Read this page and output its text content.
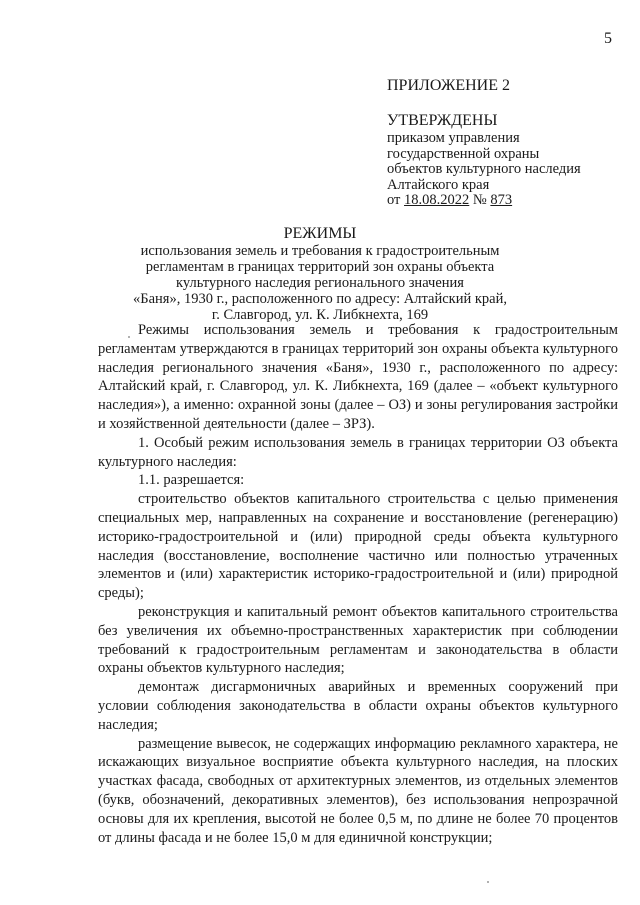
5
ПРИЛОЖЕНИЕ 2
УТВЕРЖДЕНЫ
приказом управления
государственной охраны
объектов культурного наследия
Алтайского края
от 18.08.2022 № 873
РЕЖИМЫ
использования земель и требования к градостроительным
регламентам в границах территорий зон охраны объекта
культурного наследия регионального значения
«Баня», 1930 г., расположенного по адресу: Алтайский край,
г. Славгород, ул. К. Либкнехта, 169

Режимы использования земель и требования к градостроительным регламентам утверждаются в границах территорий зон охраны объекта культурного наследия регионального значения «Баня», 1930 г., расположенного по адресу: Алтайский край, г. Славгород, ул. К. Либкнехта, 169 (далее – «объект культурного наследия»), а именно: охранной зоны (далее – ОЗ) и зоны регулирования застройки и хозяйственной деятельности (далее – ЗРЗ).

1. Особый режим использования земель в границах территории ОЗ объекта культурного наследия:

1.1. разрешается:

строительство объектов капитального строительства с целью применения специальных мер, направленных на сохранение и восстановление (регенерацию) историко-градостроительной и (или) природной среды объекта культурного наследия (восстановление, восполнение частично или полностью утраченных элементов и (или) характеристик историко-градостроительной и (или) природной среды);

реконструкция и капитальный ремонт объектов капитального строительства без увеличения их объемно-пространственных характеристик при соблюдении требований к градостроительным регламентам и законодательства в области охраны объектов культурного наследия;

демонтаж дисгармоничных аварийных и временных сооружений при условии соблюдения законодательства в области охраны объектов культурного наследия;

размещение вывесок, не содержащих информацию рекламного характера, не искажающих визуальное восприятие объекта культурного наследия, на плоских участках фасада, свободных от архитектурных элементов, из отдельных элементов (букв, обозначений, декоративных элементов), без использования непрозрачной основы для их крепления, высотой не более 0,5 м, по длине не более 70 процентов от длины фасада и не более 15,0 м для единичной конструкции;
